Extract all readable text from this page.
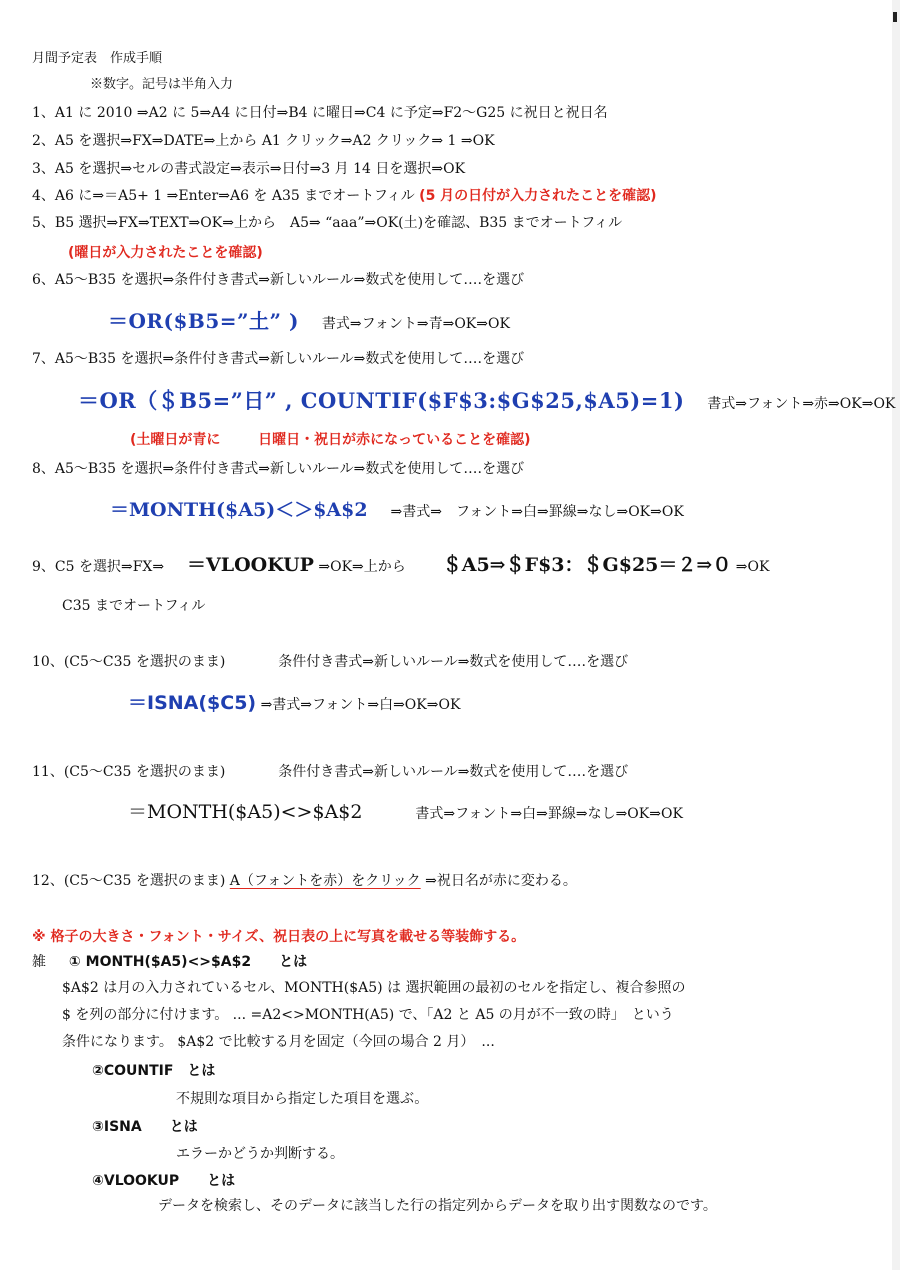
月間予定表　作成手順
※数字。記号は半角入力
1、A1 に 2010 ⇒A2 に 5⇒A4 に日付⇒B4 に曜日⇒C4 に予定⇒F2～G25 に祝日と祝日名
2、A5 を選択⇒FX⇒DATE⇒上から A1 クリック⇒A2 クリック⇒ 1 ⇒OK
3、A5 を選択⇒セルの書式設定⇒表示⇒日付⇒3 月 14 日を選択⇒OK
4、A6 に⇒＝A5+ 1 ⇒Enter⇒A6 を A35 までオートフィル (5 月の日付が入力されたことを確認)
5、B5 選択⇒FX⇒TEXT⇒OK⇒上から　A5⇒ “aaa”⇒OK(土)を確認、B35 までオートフィル
(曜日が入力されたことを確認)
6、A5～B35 を選択⇒条件付き書式⇒新しいルール⇒数式を使用して‥‥を選び
＝OR($B5=”土” ) 書式⇒フォント⇒青⇒OK⇒OK
7、A5～B35 を選択⇒条件付き書式⇒新しいルール⇒数式を使用して‥‥を選び
＝OR（＄B5=”日” , COUNTIF($F$3:$G$25,$A5)=1) 書式⇒フォント⇒赤⇒OK⇒OK
(土曜日が青に	日曜日・祝日が赤になっていることを確認)
8、A5～B35 を選択⇒条件付き書式⇒新しいルール⇒数式を使用して‥‥を選び
＝MONTH($A5)＜＞$A$2 ⇒書式⇒　フォント⇒白⇒罫線⇒なし⇒OK⇒OK
9、C5 を選択⇒FX⇒ ＝VLOOKUP ⇒OK⇒上から ＄A5⇒＄F$3：＄G$25＝２⇒０ ⇒OK
C35 までオートフィル
10、(C5～C35 を選択のまま)	条件付き書式⇒新しいルール⇒数式を使用して‥‥を選び
＝ISNA($C5) ⇒書式⇒フォント⇒白⇒OK⇒OK
11、(C5～C35 を選択のまま)	条件付き書式⇒新しいルール⇒数式を使用して‥‥を選び
＝MONTH($A5)<>$A$2	書式⇒フォント⇒白⇒罫線⇒なし⇒OK⇒OK
12、(C5～C35 を選択のまま) A（フォントを赤）をクリック ⇒祝日名が赤に変わる。
※ 格子の大きさ・フォント・サイズ、祝日表の上に写真を載せる等装飾する。
雑 ① MONTH($A5)<>$A$2　　とは
$A$2 は月の入力されているセル、MONTH($A5) は 選択範囲の最初のセルを指定し、複合参照の
$ を列の部分に付けます。 ... =A2<>MONTH(A5) で、「A2 と A5 の月が不一致の時」　という
条件になります。 $A$2 で比較する月を固定（今回の場合 2 月）　...
②COUNTIF　とは
不規則な項目から指定した項目を選ぶ。
③ISNA　　とは
エラーかどうか判断する。
④VLOOKUP　　とは
データを検索し、そのデータに該当した行の指定列からデータを取り出す関数なのです。
